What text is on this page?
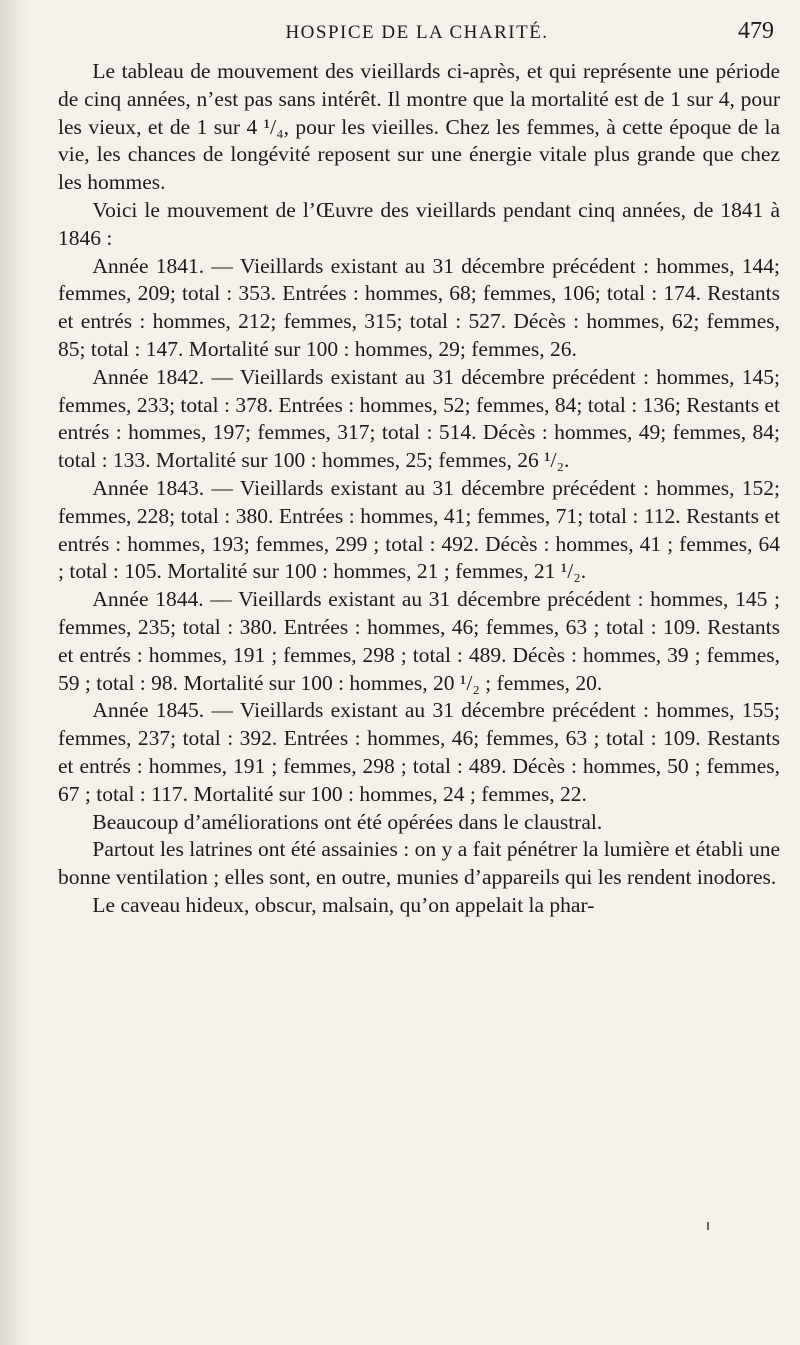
HOSPICE DE LA CHARITÉ.	479

Le tableau de mouvement des vieillards ci-après, et qui représente une période de cinq années, n’est pas sans intérêt. Il montre que la mortalité est de 1 sur 4, pour les vieux, et de 1 sur 4 ¹/₄, pour les vieilles. Chez les femmes, à cette époque de la vie, les chances de longévité reposent sur une énergie vitale plus grande que chez les hommes.

Voici le mouvement de l’Œuvre des vieillards pendant cinq années, de 1841 à 1846 :

Année 1841. — Vieillards existant au 31 décembre précédent : hommes, 144; femmes, 209; total : 353. Entrées : hommes, 68; femmes, 106; total : 174. Restants et entrés : hommes, 212; femmes, 315; total : 527. Décès : hommes, 62; femmes, 85; total : 147. Mortalité sur 100 : hommes, 29; femmes, 26.

Année 1842. — Vieillards existant au 31 décembre précédent : hommes, 145; femmes, 233; total : 378. Entrées : hommes, 52; femmes, 84; total : 136; Restants et entrés : hommes, 197; femmes, 317; total : 514. Décès : hommes, 49; femmes, 84; total : 133. Mortalité sur 100 : hommes, 25; femmes, 26 ¹/₂.

Année 1843. — Vieillards existant au 31 décembre précédent : hommes, 152; femmes, 228; total : 380. Entrées : hommes, 41; femmes, 71; total : 112. Restants et entrés : hommes, 193; femmes, 299 ; total : 492. Décès : hommes, 41 ; femmes, 64 ; total : 105. Mortalité sur 100 : hommes, 21 ; femmes, 21 ¹/₂.

Année 1844. — Vieillards existant au 31 décembre précédent : hommes, 145 ; femmes, 235; total : 380. Entrées : hommes, 46; femmes, 63 ; total : 109. Restants et entrés : hommes, 191 ; femmes, 298 ; total : 489. Décès : hommes, 39 ; femmes, 59 ; total : 98. Mortalité sur 100 : hommes, 20 ¹/₂ ; femmes, 20.

Année 1845. — Vieillards existant au 31 décembre précédent : hommes, 155; femmes, 237; total : 392. Entrées : hommes, 46; femmes, 63 ; total : 109. Restants et entrés : hommes, 191 ; femmes, 298 ; total : 489. Décès : hommes, 50 ; femmes, 67 ; total : 117. Mortalité sur 100 : hommes, 24 ; femmes, 22.

Beaucoup d’améliorations ont été opérées dans le claustral.

Partout les latrines ont été assainies : on y a fait pénétrer la lumière et établi une bonne ventilation ; elles sont, en outre, munies d’appareils qui les rendent inodores.

Le caveau hideux, obscur, malsain, qu’on appelait la phar-
